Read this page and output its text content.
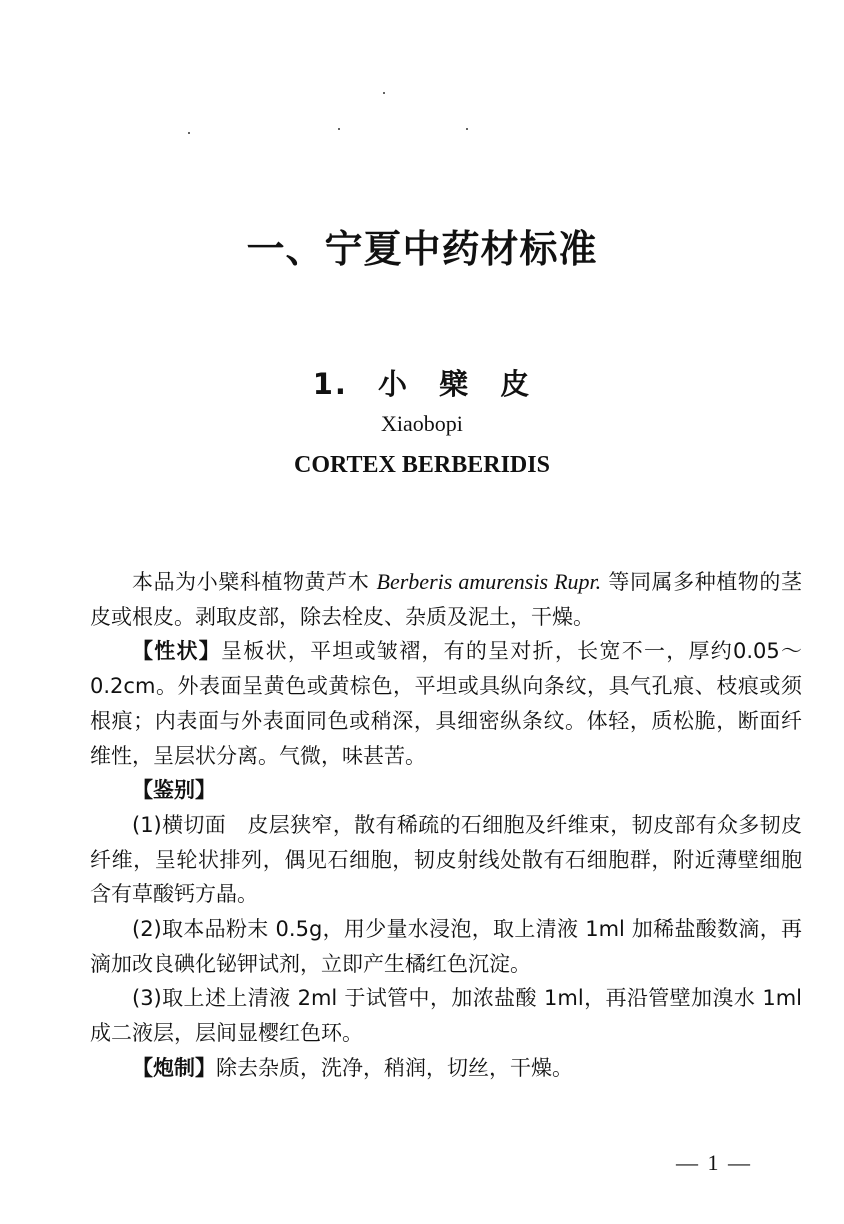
一、宁夏中药材标准
1. 小 檗 皮
Xiaobopi
CORTEX BERBERIDIS

本品为小檗科植物黄芦木 Berberis amurensis Rupr. 等同属多种植物的茎皮或根皮。剥取皮部，除去栓皮、杂质及泥土，干燥。

【性状】呈板状，平坦或皱褶，有的呈对折，长宽不一，厚约0.05～0.2cm。外表面呈黄色或黄棕色，平坦或具纵向条纹，具气孔痕、枝痕或须根痕；内表面与外表面同色或稍深，具细密纵条纹。体轻，质松脆，断面纤维性，呈层状分离。气微，味甚苦。

【鉴别】

(1)横切面　皮层狭窄，散有稀疏的石细胞及纤维束，韧皮部有众多韧皮纤维，呈轮状排列，偶见石细胞，韧皮射线处散有石细胞群，附近薄壁细胞含有草酸钙方晶。

(2)取本品粉末 0.5g，用少量水浸泡，取上清液 1ml 加稀盐酸数滴，再滴加改良碘化铋钾试剂，立即产生橘红色沉淀。

(3)取上述上清液 2ml 于试管中，加浓盐酸 1ml，再沿管壁加溴水 1ml 成二液层，层间显樱红色环。

【炮制】除去杂质，洗净，稍润，切丝，干燥。

— 1 —
